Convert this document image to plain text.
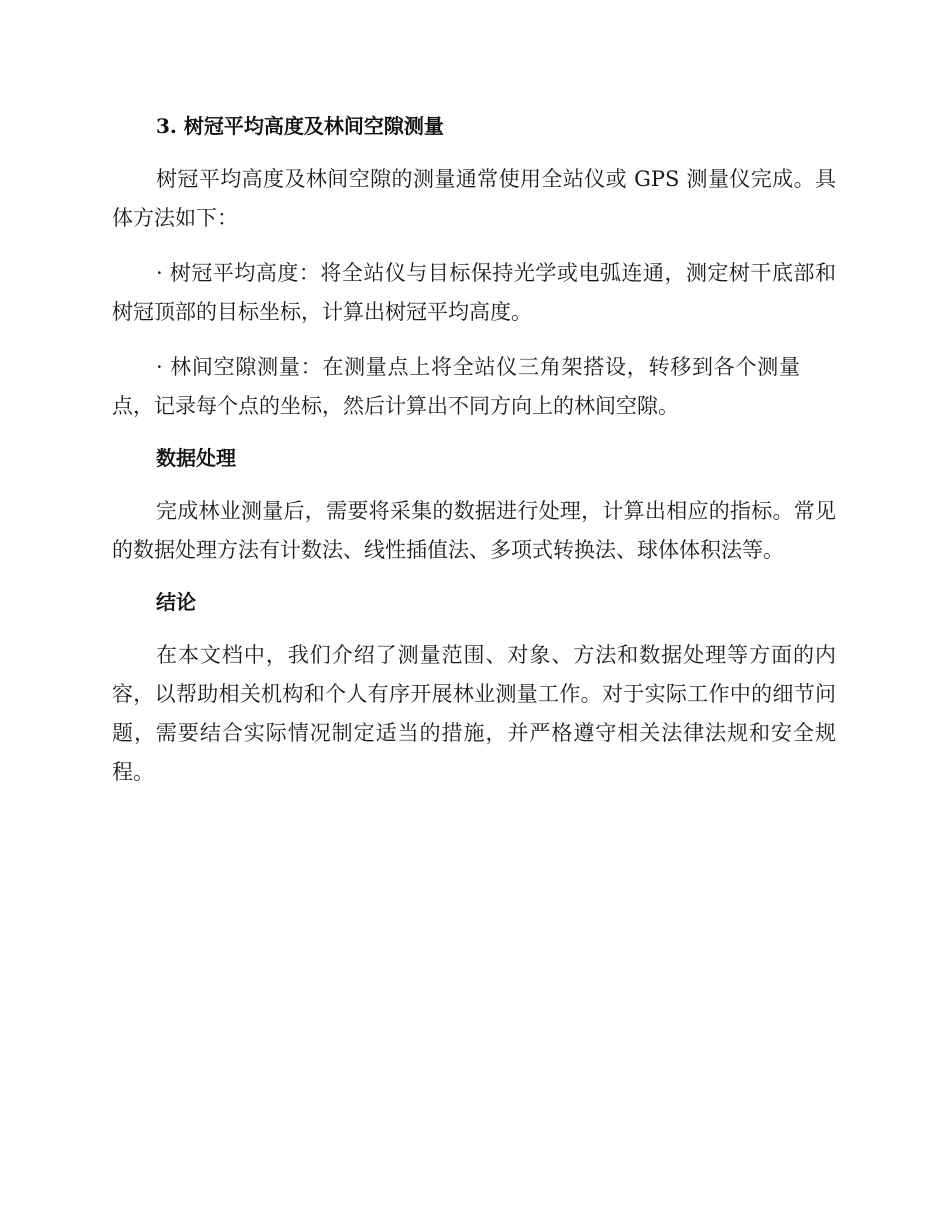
3. 树冠平均高度及林间空隙测量

树冠平均高度及林间空隙的测量通常使用全站仪或 GPS 测量仪完成。具体方法如下：

· 树冠平均高度：将全站仪与目标保持光学或电弧连通，测定树干底部和树冠顶部的目标坐标，计算出树冠平均高度。

· 林间空隙测量：在测量点上将全站仪三角架搭设，转移到各个测量点，记录每个点的坐标，然后计算出不同方向上的林间空隙。

数据处理

完成林业测量后，需要将采集的数据进行处理，计算出相应的指标。常见的数据处理方法有计数法、线性插值法、多项式转换法、球体体积法等。

结论

在本文档中，我们介绍了测量范围、对象、方法和数据处理等方面的内容，以帮助相关机构和个人有序开展林业测量工作。对于实际工作中的细节问题，需要结合实际情况制定适当的措施，并严格遵守相关法律法规和安全规程。
